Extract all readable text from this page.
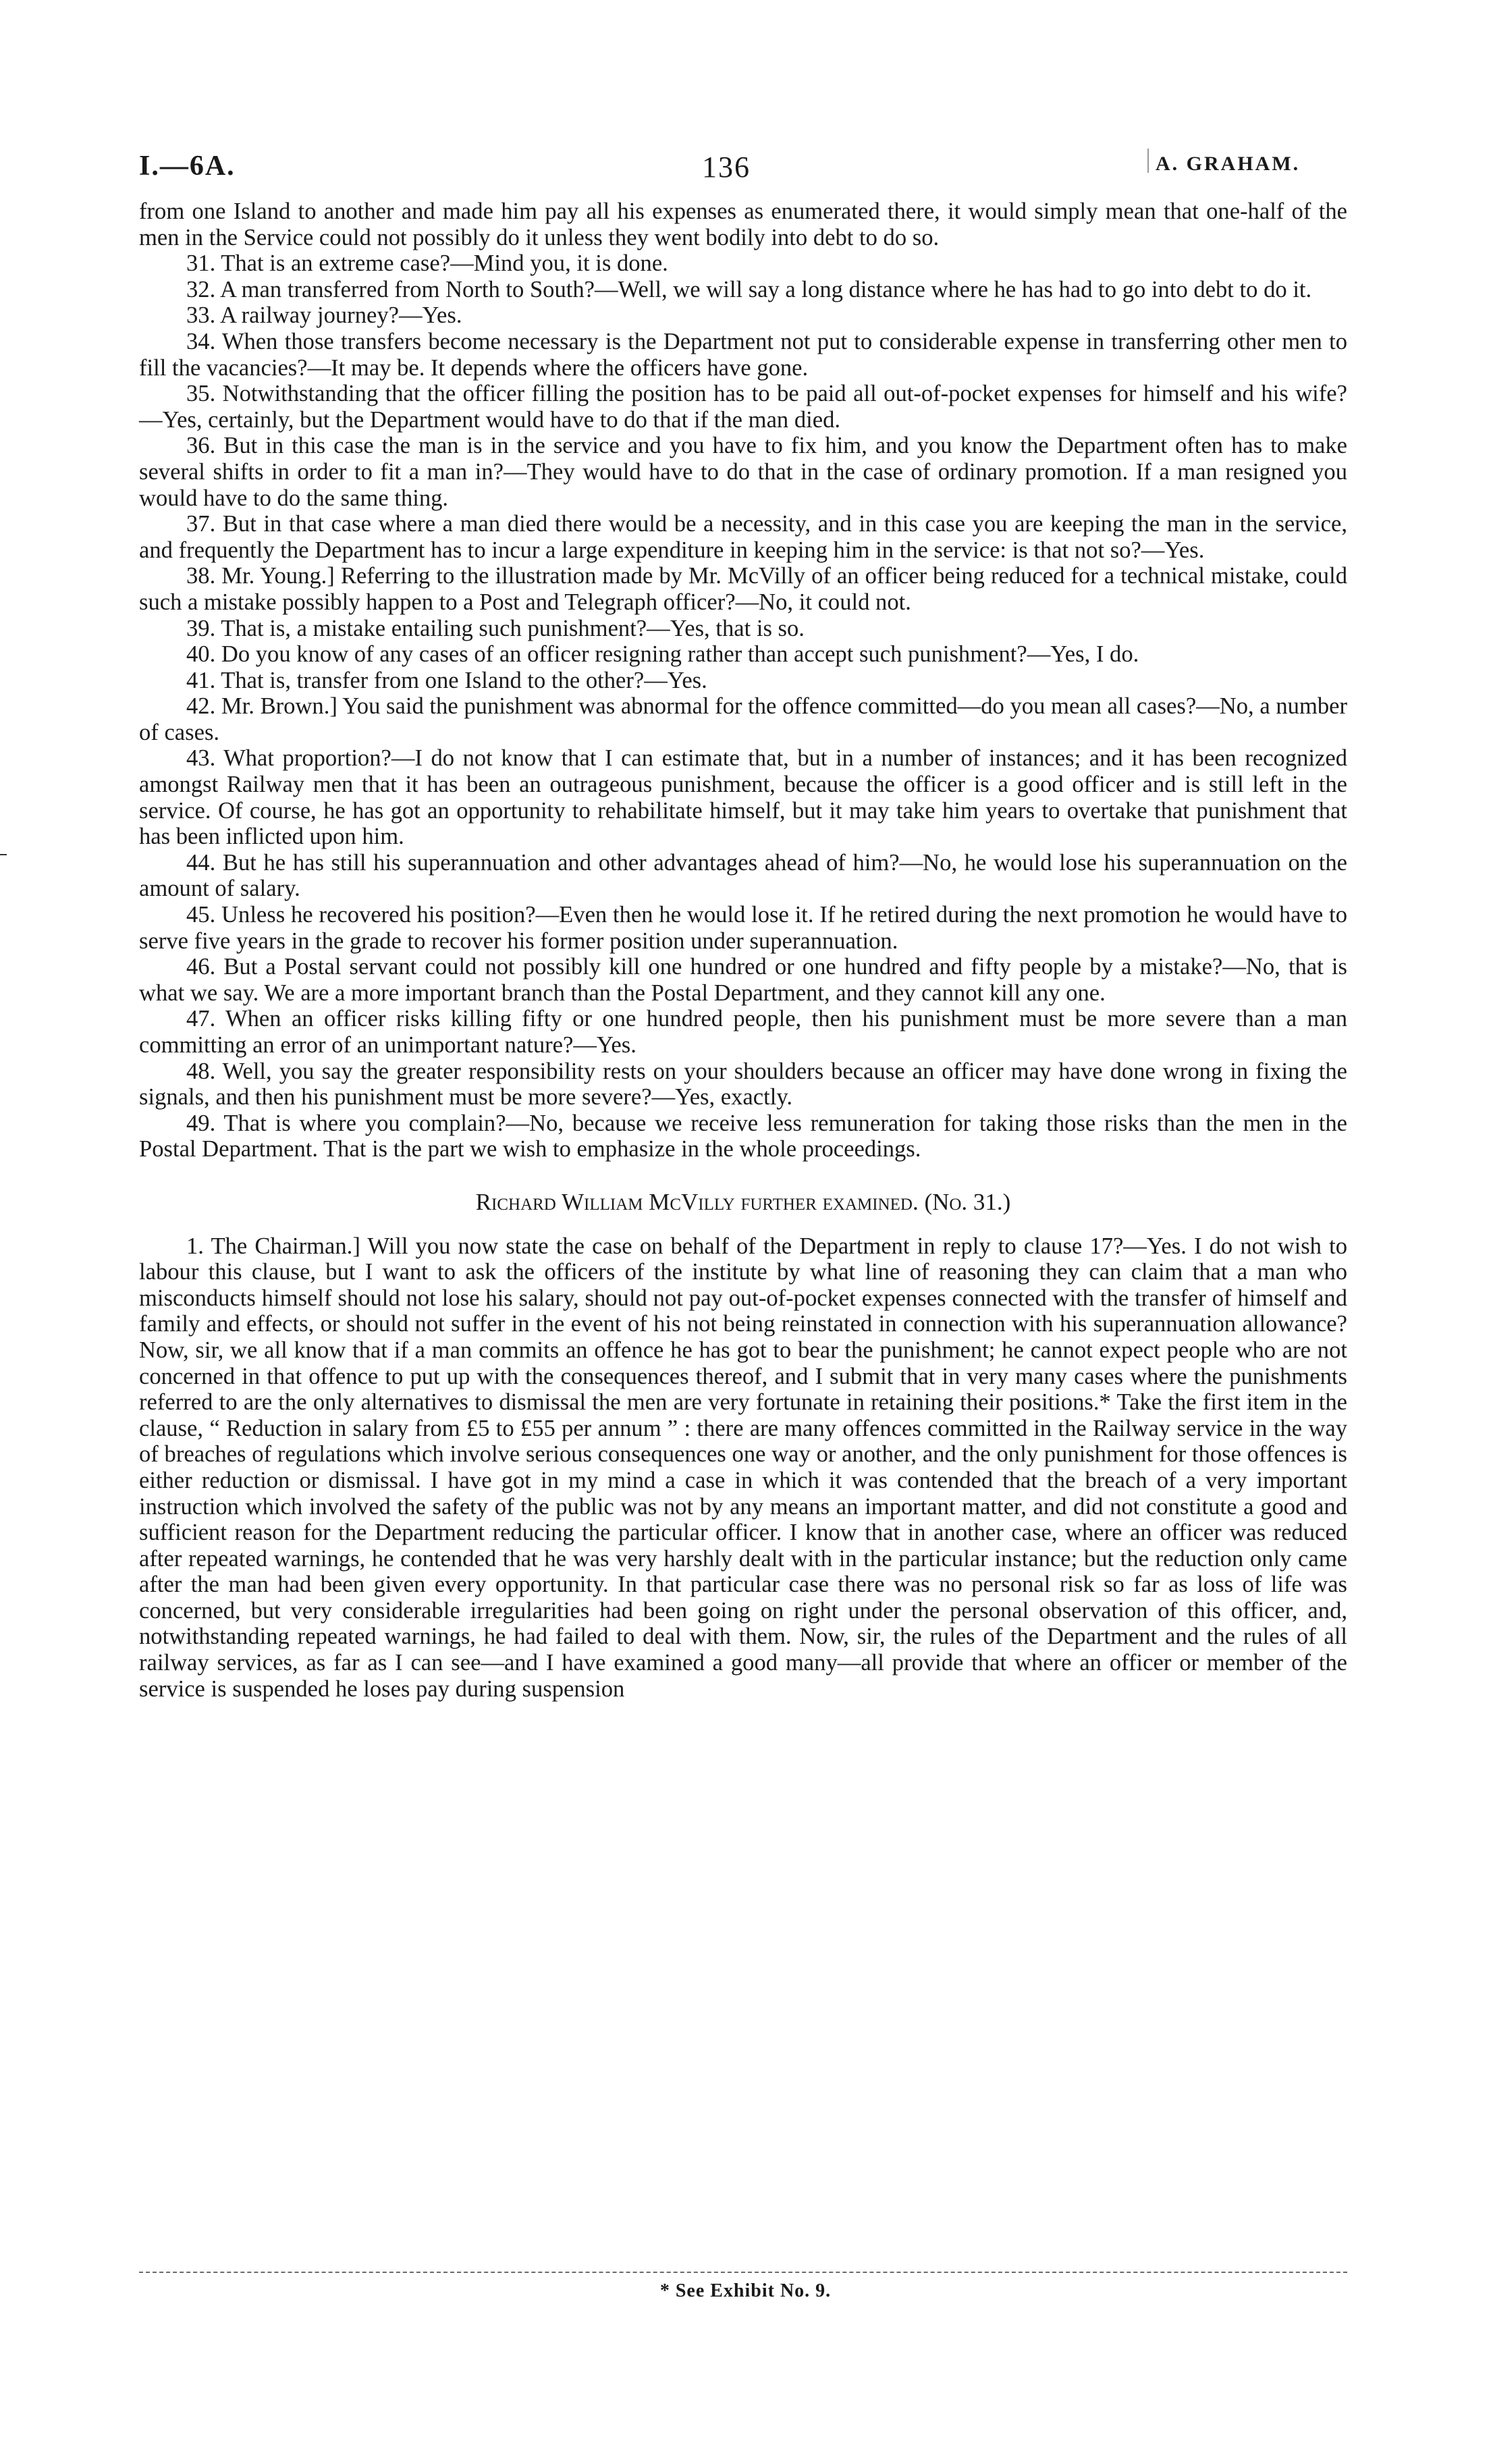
I.—6A.	136	A. GRAHAM.

from one Island to another and made him pay all his expenses as enumerated there, it would simply mean that one-half of the men in the Service could not possibly do it unless they went bodily into debt to do so.

31. That is an extreme case?—Mind you, it is done.

32. A man transferred from North to South?—Well, we will say a long distance where he has had to go into debt to do it.

33. A railway journey?—Yes.

34. When those transfers become necessary is the Department not put to considerable expense in transferring other men to fill the vacancies?—It may be. It depends where the officers have gone.

35. Notwithstanding that the officer filling the position has to be paid all out-of-pocket expenses for himself and his wife?—Yes, certainly, but the Department would have to do that if the man died.

36. But in this case the man is in the service and you have to fix him, and you know the Department often has to make several shifts in order to fit a man in?—They would have to do that in the case of ordinary promotion. If a man resigned you would have to do the same thing.

37. But in that case where a man died there would be a necessity, and in this case you are keeping the man in the service, and frequently the Department has to incur a large expenditure in keeping him in the service: is that not so?—Yes.

38. Mr. Young.] Referring to the illustration made by Mr. McVilly of an officer being reduced for a technical mistake, could such a mistake possibly happen to a Post and Telegraph officer?—No, it could not.

39. That is, a mistake entailing such punishment?—Yes, that is so.

40. Do you know of any cases of an officer resigning rather than accept such punishment?—Yes, I do.

41. That is, transfer from one Island to the other?—Yes.

42. Mr. Brown.] You said the punishment was abnormal for the offence committed—do you mean all cases?—No, a number of cases.

43. What proportion?—I do not know that I can estimate that, but in a number of instances; and it has been recognized amongst Railway men that it has been an outrageous punishment, because the officer is a good officer and is still left in the service. Of course, he has got an opportunity to rehabilitate himself, but it may take him years to overtake that punishment that has been inflicted upon him.

44. But he has still his superannuation and other advantages ahead of him?—No, he would lose his superannuation on the amount of salary.

45. Unless he recovered his position?—Even then he would lose it. If he retired during the next promotion he would have to serve five years in the grade to recover his former position under superannuation.

46. But a Postal servant could not possibly kill one hundred or one hundred and fifty people by a mistake?—No, that is what we say. We are a more important branch than the Postal Department, and they cannot kill any one.

47. When an officer risks killing fifty or one hundred people, then his punishment must be more severe than a man committing an error of an unimportant nature?—Yes.

48. Well, you say the greater responsibility rests on your shoulders because an officer may have done wrong in fixing the signals, and then his punishment must be more severe?—Yes, exactly.

49. That is where you complain?—No, because we receive less remuneration for taking those risks than the men in the Postal Department. That is the part we wish to emphasize in the whole proceedings.

Richard William McVilly further examined. (No. 31.)

1. The Chairman.] Will you now state the case on behalf of the Department in reply to clause 17?—Yes. I do not wish to labour this clause, but I want to ask the officers of the institute by what line of reasoning they can claim that a man who misconducts himself should not lose his salary, should not pay out-of-pocket expenses connected with the transfer of himself and family and effects, or should not suffer in the event of his not being reinstated in connection with his superannuation allowance? Now, sir, we all know that if a man commits an offence he has got to bear the punishment; he cannot expect people who are not concerned in that offence to put up with the consequences thereof, and I submit that in very many cases where the punishments referred to are the only alternatives to dismissal the men are very fortunate in retaining their positions.* Take the first item in the clause, “ Reduction in salary from £5 to £55 per annum ” : there are many offences committed in the Railway service in the way of breaches of regulations which involve serious consequences one way or another, and the only punishment for those offences is either reduction or dismissal. I have got in my mind a case in which it was contended that the breach of a very important instruction which involved the safety of the public was not by any means an important matter, and did not constitute a good and sufficient reason for the Department reducing the particular officer. I know that in another case, where an officer was reduced after repeated warnings, he contended that he was very harshly dealt with in the particular instance; but the reduction only came after the man had been given every opportunity. In that particular case there was no personal risk so far as loss of life was concerned, but very considerable irregularities had been going on right under the personal observation of this officer, and, notwithstanding repeated warnings, he had failed to deal with them. Now, sir, the rules of the Department and the rules of all railway services, as far as I can see—and I have examined a good many—all provide that where an officer or member of the service is suspended he loses pay during suspension

* See Exhibit No. 9.
